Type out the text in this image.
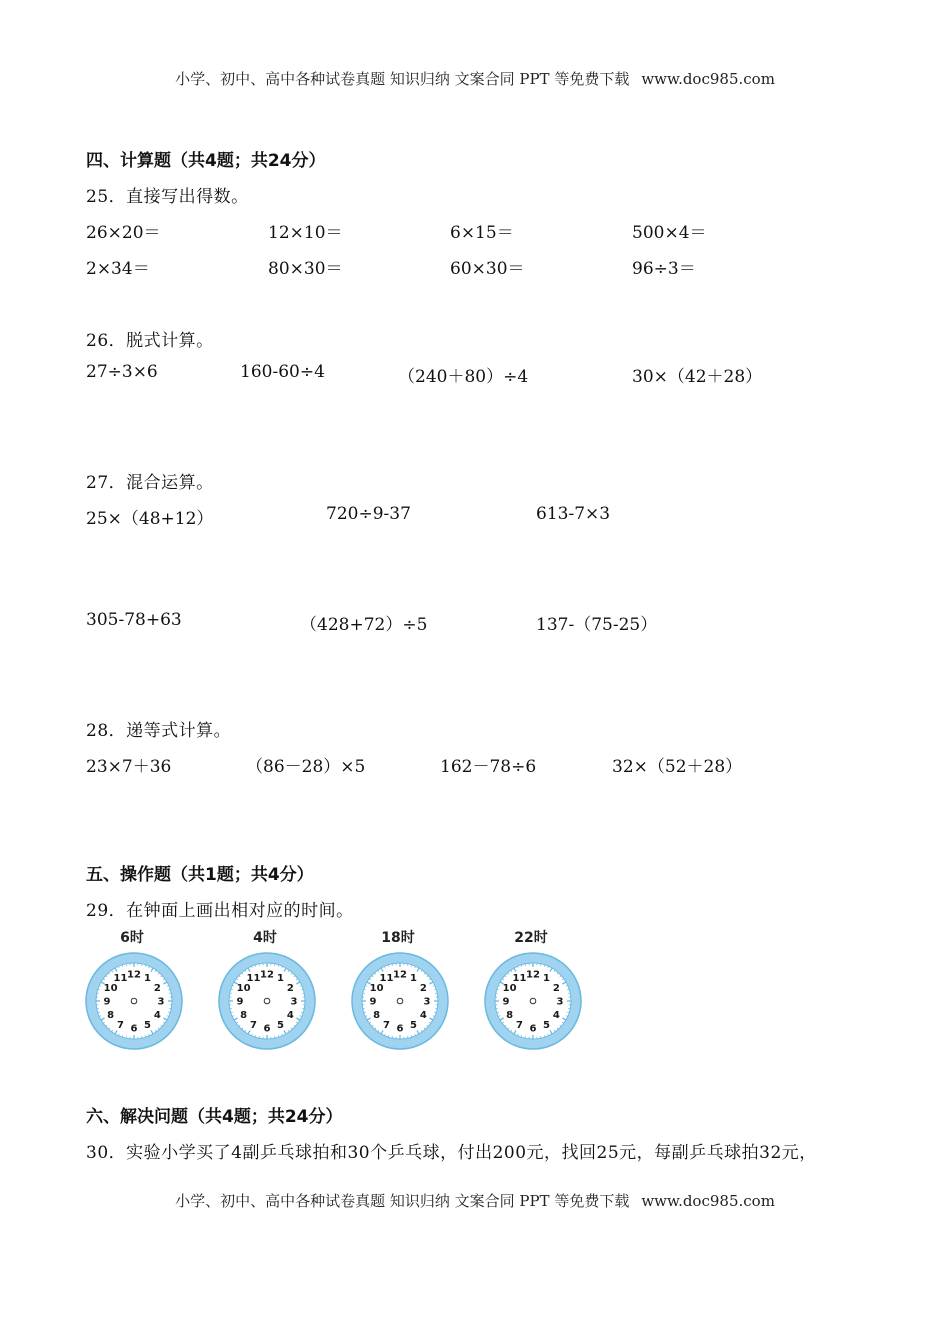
小学、初中、高中各种试卷真题 知识归纳 文案合同 PPT 等免费下载 www.doc985.com
四、计算题（共4题；共24分）
25．直接写出得数。
26×20＝	12×10＝	6×15＝	500×4＝
2×34＝	80×30＝	60×30＝	96÷3＝
26．脱式计算。
27÷3×6	160-60÷4	（240＋80）÷4	30×（42＋28）
27．混合运算。
25×（48+12）	720÷9-37	613-7×3
305-78+63	（428+72）÷5	137-（75-25）
28．递等式计算。
23×7＋36	（86－28）×5	162－78÷6	32×（52＋28）
五、操作题（共1题；共4分）
29．在钟面上画出相对应的时间。
6时	4时	18时	22时
12 1
2
3
4
5
6
7
8
9
10
11	12 1
2
3
4
5
6
7
8
9
10
11	12 1
2
3
4
5
6
7
8
9
10
11	12 1
2
3
4
5
6
7
8
9
10
11
六、解决问题（共4题；共24分）
30．实验小学买了4副乒乓球拍和30个乒乓球，付出200元，找回25元，每副乒乓球拍32元，
小学、初中、高中各种试卷真题 知识归纳 文案合同 PPT 等免费下载 www.doc985.com
